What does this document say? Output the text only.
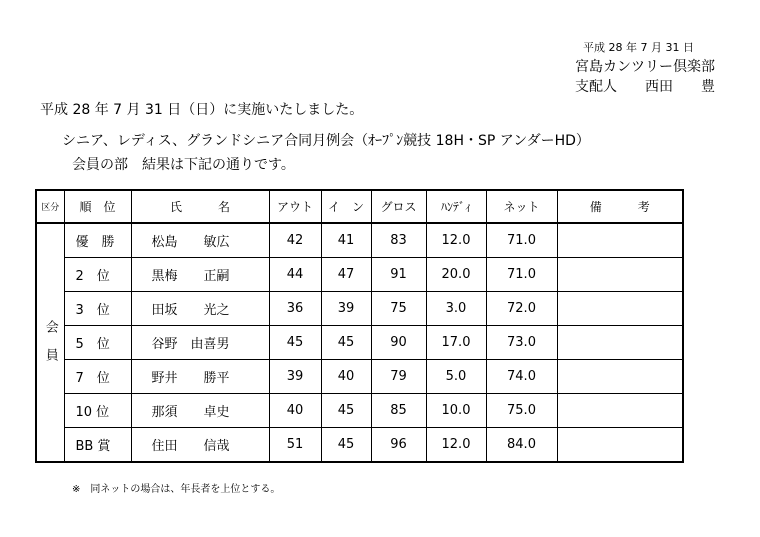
平成 28 年 7 月 31 日
宮島カンツリー倶楽部
支配人　　西田　　豊
平成 28 年 7 月 31 日（日）に実施いたしました。
シニア、レディス、グランドシニア合同月例会（ｵｰﾌﾟﾝ競技 18H・SP アンダーHD）
会員の部　結果は下記の通りです。
区分	順　位	氏　　　名	アウト	イ　ン	グロス	ﾊﾝﾃﾞｨ	ネット	備　　　考
会員	優　勝	松島　　敏広	42	41	83	12.0	71.0	
	2　位	黒梅　　正嗣	44	47	91	20.0	71.0	
	3　位	田坂　　光之	36	39	75	3.0	72.0	
	5　位	谷野　由喜男	45	45	90	17.0	73.0	
	7　位	野井　　勝平	39	40	79	5.0	74.0	
	10 位	那須　　卓史	40	45	85	10.0	75.0	
	BB 賞	住田　　信哉	51	45	96	12.0	84.0	
※　同ネットの場合は、年長者を上位とする。
